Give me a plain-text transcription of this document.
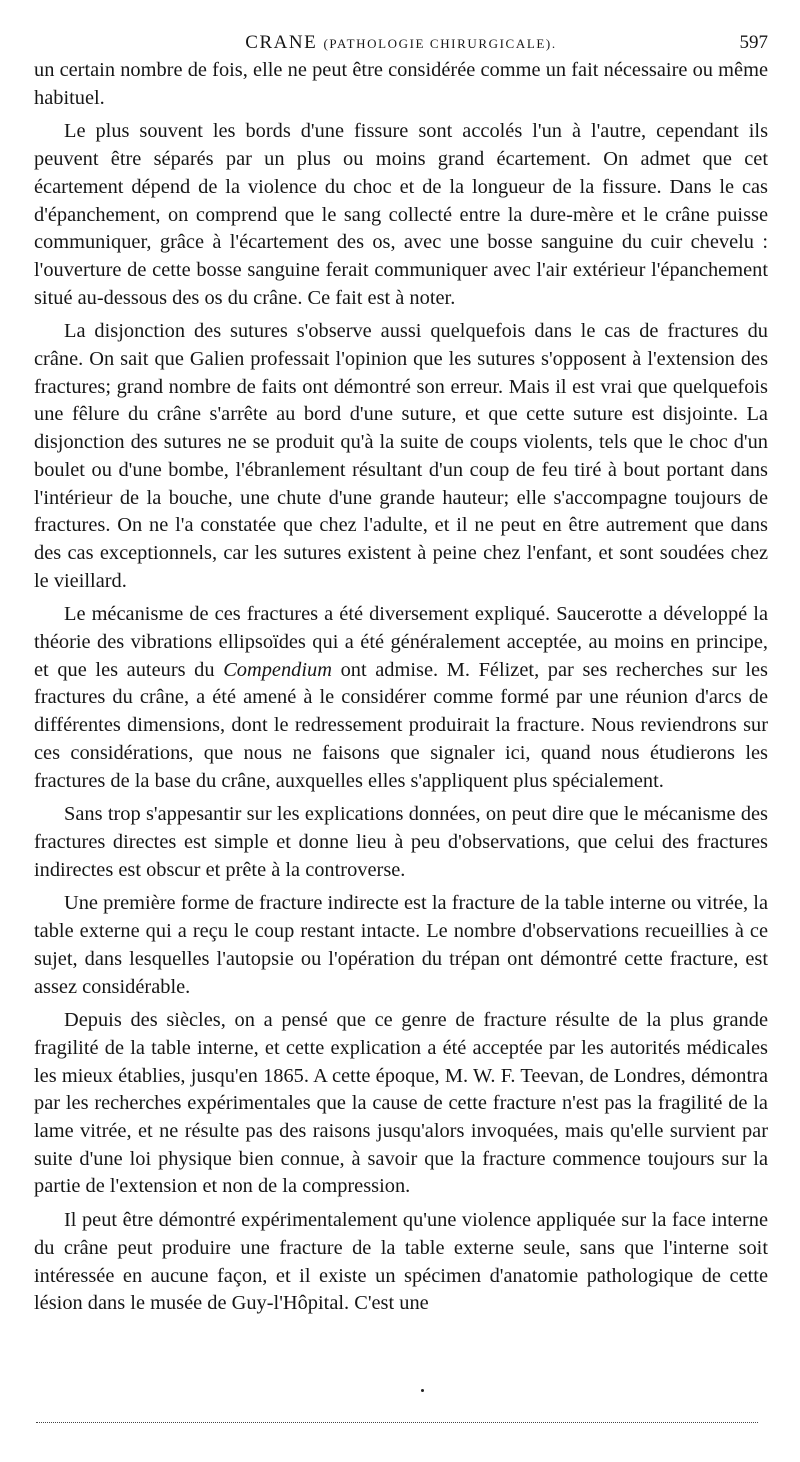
CRANE (PATHOLOGIE CHIRURGICALE).	597

un certain nombre de fois, elle ne peut être considérée comme un fait nécessaire ou même habituel.

Le plus souvent les bords d'une fissure sont accolés l'un à l'autre, cependant ils peuvent être séparés par un plus ou moins grand écartement. On admet que cet écartement dépend de la violence du choc et de la longueur de la fissure. Dans le cas d'épanchement, on comprend que le sang collecté entre la dure-mère et le crâne puisse communiquer, grâce à l'écartement des os, avec une bosse sanguine du cuir chevelu : l'ouverture de cette bosse sanguine ferait communiquer avec l'air extérieur l'épanchement situé au-dessous des os du crâne. Ce fait est à noter.

La disjonction des sutures s'observe aussi quelquefois dans le cas de fractures du crâne. On sait que Galien professait l'opinion que les sutures s'opposent à l'extension des fractures; grand nombre de faits ont démontré son erreur. Mais il est vrai que quelquefois une fêlure du crâne s'arrête au bord d'une suture, et que cette suture est disjointe. La disjonction des sutures ne se produit qu'à la suite de coups violents, tels que le choc d'un boulet ou d'une bombe, l'ébranlement résultant d'un coup de feu tiré à bout portant dans l'intérieur de la bouche, une chute d'une grande hauteur; elle s'accompagne toujours de fractures. On ne l'a constatée que chez l'adulte, et il ne peut en être autrement que dans des cas exceptionnels, car les sutures existent à peine chez l'enfant, et sont soudées chez le vieillard.

Le mécanisme de ces fractures a été diversement expliqué. Saucerotte a développé la théorie des vibrations ellipsoïdes qui a été généralement acceptée, au moins en principe, et que les auteurs du Compendium ont admise. M. Félizet, par ses recherches sur les fractures du crâne, a été amené à le considérer comme formé par une réunion d'arcs de différentes dimensions, dont le redressement produirait la fracture. Nous reviendrons sur ces considérations, que nous ne faisons que signaler ici, quand nous étudierons les fractures de la base du crâne, auxquelles elles s'appliquent plus spécialement.

Sans trop s'appesantir sur les explications données, on peut dire que le mécanisme des fractures directes est simple et donne lieu à peu d'observations, que celui des fractures indirectes est obscur et prête à la controverse.

Une première forme de fracture indirecte est la fracture de la table interne ou vitrée, la table externe qui a reçu le coup restant intacte. Le nombre d'observations recueillies à ce sujet, dans lesquelles l'autopsie ou l'opération du trépan ont démontré cette fracture, est assez considérable.

Depuis des siècles, on a pensé que ce genre de fracture résulte de la plus grande fragilité de la table interne, et cette explication a été acceptée par les autorités médicales les mieux établies, jusqu'en 1865. A cette époque, M. W. F. Teevan, de Londres, démontra par les recherches expérimentales que la cause de cette fracture n'est pas la fragilité de la lame vitrée, et ne résulte pas des raisons jusqu'alors invoquées, mais qu'elle survient par suite d'une loi physique bien connue, à savoir que la fracture commence toujours sur la partie de l'extension et non de la compression.

Il peut être démontré expérimentalement qu'une violence appliquée sur la face interne du crâne peut produire une fracture de la table externe seule, sans que l'interne soit intéressée en aucune façon, et il existe un spécimen d'anatomie pathologique de cette lésion dans le musée de Guy-l'Hôpital. C'est une
